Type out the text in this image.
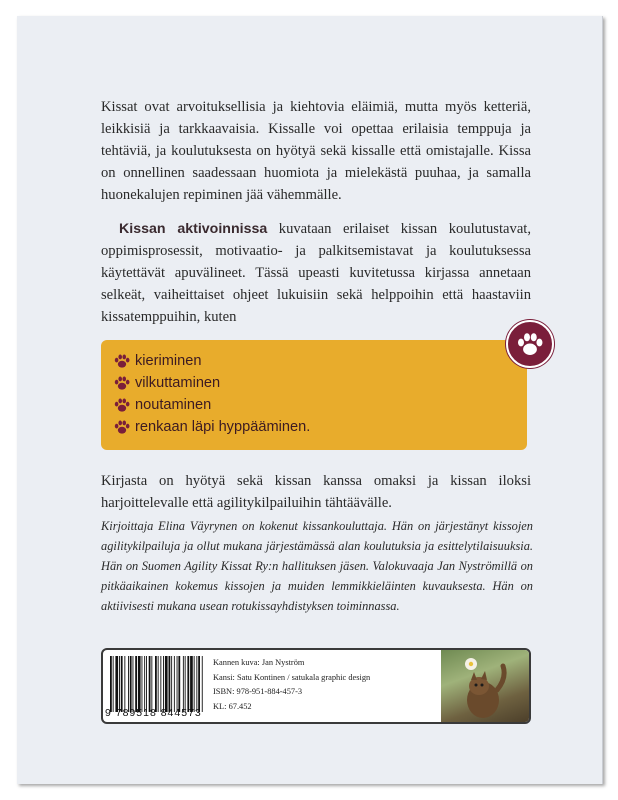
Kissat ovat arvoituksellisia ja kiehtovia eläimiä, mutta myös ketteriä, leikkisiä ja tarkkaavaisia. Kissalle voi opettaa erilaisia temppuja ja tehtäviä, ja koulutuksesta on hyötyä sekä kissalle että omistajalle. Kissa on onnellinen saadessaan huomiota ja mielekästä puuhaa, ja samalla huonekalujen repiminen jää vähemmälle.

Kissan aktivoinnissa kuvataan erilaiset kissan koulutustavat, oppimisprosessit, motivaatio- ja palkitsemistavat ja koulutuksessa käytettävät apuvälineet. Tässä upeasti kuvitetussa kirjassa annetaan selkeät, vaiheittaiset ohjeet lukuisiin sekä helppoihin että haastaviin kissatemppuihin, kuten

kieriminen
vilkuttaminen
noutaminen
renkaan läpi hyppääminen.

Kirjasta on hyötyä sekä kissan kanssa omaksi ja kissan iloksi harjoittelevalle että agilitykilpailuihin tähtäävälle.

Kirjoittaja Elina Väyrynen on kokenut kissankouluttaja. Hän on järjestänyt kissojen agilitykilpailuja ja ollut mukana järjestämässä alan koulutuksia ja esittelytilaisuuksia. Hän on Suomen Agility Kissat Ry:n hallituksen jäsen. Valokuvaaja Jan Nyströmillä on pitkäaikainen kokemus kissojen ja muiden lemmikkieläinten kuvauksesta. Hän on aktiivisesti mukana usean rotukissayhdistyksen toiminnassa.

9 789518 844573
Kannen kuva: Jan Nyström
Kansi: Satu Kontinen / satukala graphic design
ISBN: 978-951-884-457-3
KL: 67.452
